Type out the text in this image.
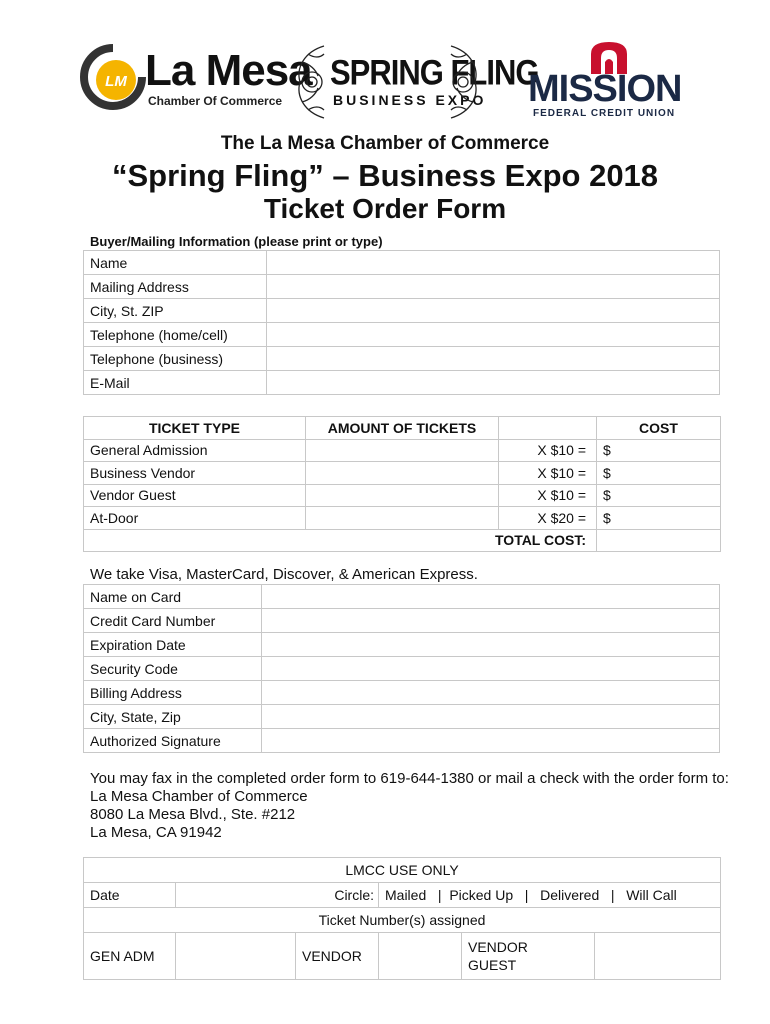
LM La Mesa
Chamber Of Commerce
SPRING FLING
BUSINESS EXPO MISSION
FEDERAL CREDIT UNION
The La Mesa Chamber of Commerce
“Spring Fling” – Business Expo 2018
Ticket Order Form
Buyer/Mailing Information (please print or type)
Name	
Mailing Address	
City, St. ZIP	
Telephone (home/cell)	
Telephone (business)	
E-Mail	
TICKET TYPE	AMOUNT OF TICKETS		COST
General Admission		X $10 =	$
Business Vendor		X $10 =	$
Vendor Guest		X $10 =	$
At-Door		X $20 =	$
TOTAL COST:			
We take Visa, MasterCard, Discover, & American Express.
Name on Card	
Credit Card Number	
Expiration Date	
Security Code	
Billing Address	
City, State, Zip	
Authorized Signature	
You may fax in the completed order form to 619-644-1380 or mail a check with the order form to:
La Mesa Chamber of Commerce
8080 La Mesa Blvd., Ste. #212
La Mesa, CA 91942
LMCC USE ONLY					
Date	Circle:		Mailed   |  Picked Up   |   Delivered   |   Will Call		
Ticket Number(s) assigned					
GEN ADM		VENDOR		VENDOR
GUEST	
